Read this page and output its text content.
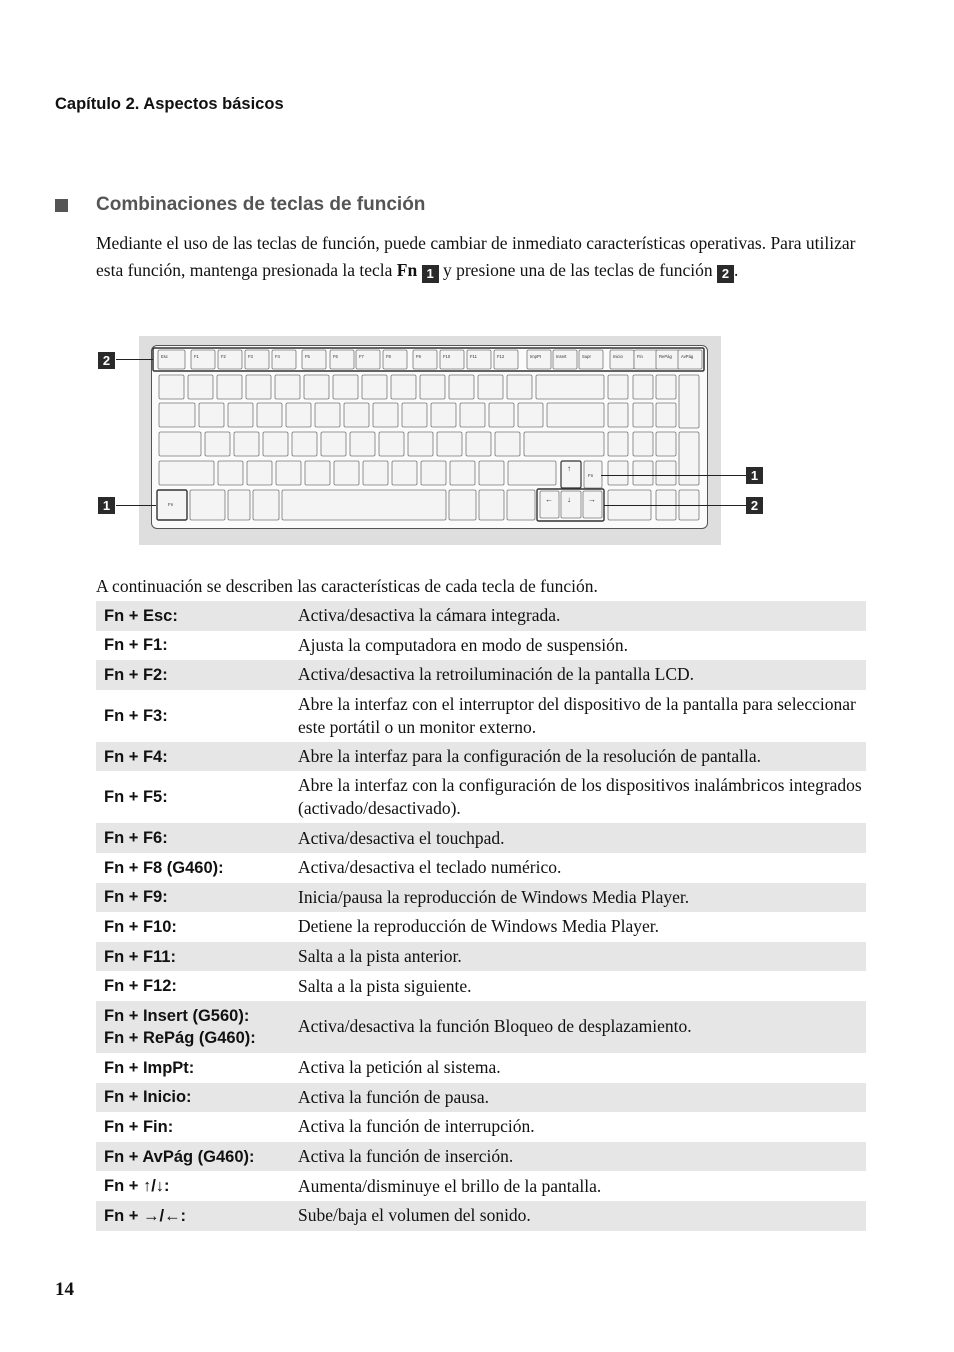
Capítulo 2. Aspectos básicos
Combinaciones de teclas de función
Mediante el uso de las teclas de función, puede cambiar de inmediato características operativas. Para utilizar esta función, mantenga presionada la tecla Fn 1 y presione una de las teclas de función 2 .
Esc	F1	F2	F3	F4	F5	F6	F7	F8	F9	F10	F11	F12	ImpPt	Insert	Supr	Inicio	Fin	RePág AvPág
↑
Fn
Fn
← ↓ →
2
1
1
2
A continuación se describen las características de cada tecla de función.
Fn + Esc:	Activa/desactiva la cámara integrada.
Fn + F1:	Ajusta la computadora en modo de suspensión.
Fn + F2:	Activa/desactiva la retroiluminación de la pantalla LCD.
Fn + F3:	Abre la interfaz con el interruptor del dispositivo de la pantalla para seleccionar este portátil o un monitor externo.
Fn + F4:	Abre la interfaz para la configuración de la resolución de pantalla.
Fn + F5:	Abre la interfaz con la configuración de los dispositivos inalámbricos integrados (activado/desactivado).
Fn + F6:	Activa/desactiva el touchpad.
Fn + F8 (G460):	Activa/desactiva el teclado numérico.
Fn + F9:	Inicia/pausa la reproducción de Windows Media Player.
Fn + F10:	Detiene la reproducción de Windows Media Player.
Fn + F11:	Salta a la pista anterior.
Fn + F12:	Salta a la pista siguiente.

Fn + Insert (G560):
Fn + RePág (G460):	Activa/desactiva la función Bloqueo de desplazamiento.
Fn + ImpPt:	Activa la petición al sistema.
Fn + Inicio:	Activa la función de pausa.
Fn + Fin:	Activa la función de interrupción.
Fn + AvPág (G460):	Activa la función de inserción.
Fn + ↑/↓:	Aumenta/disminuye el brillo de la pantalla.
Fn + →/←:	Sube/baja el volumen del sonido.
14
